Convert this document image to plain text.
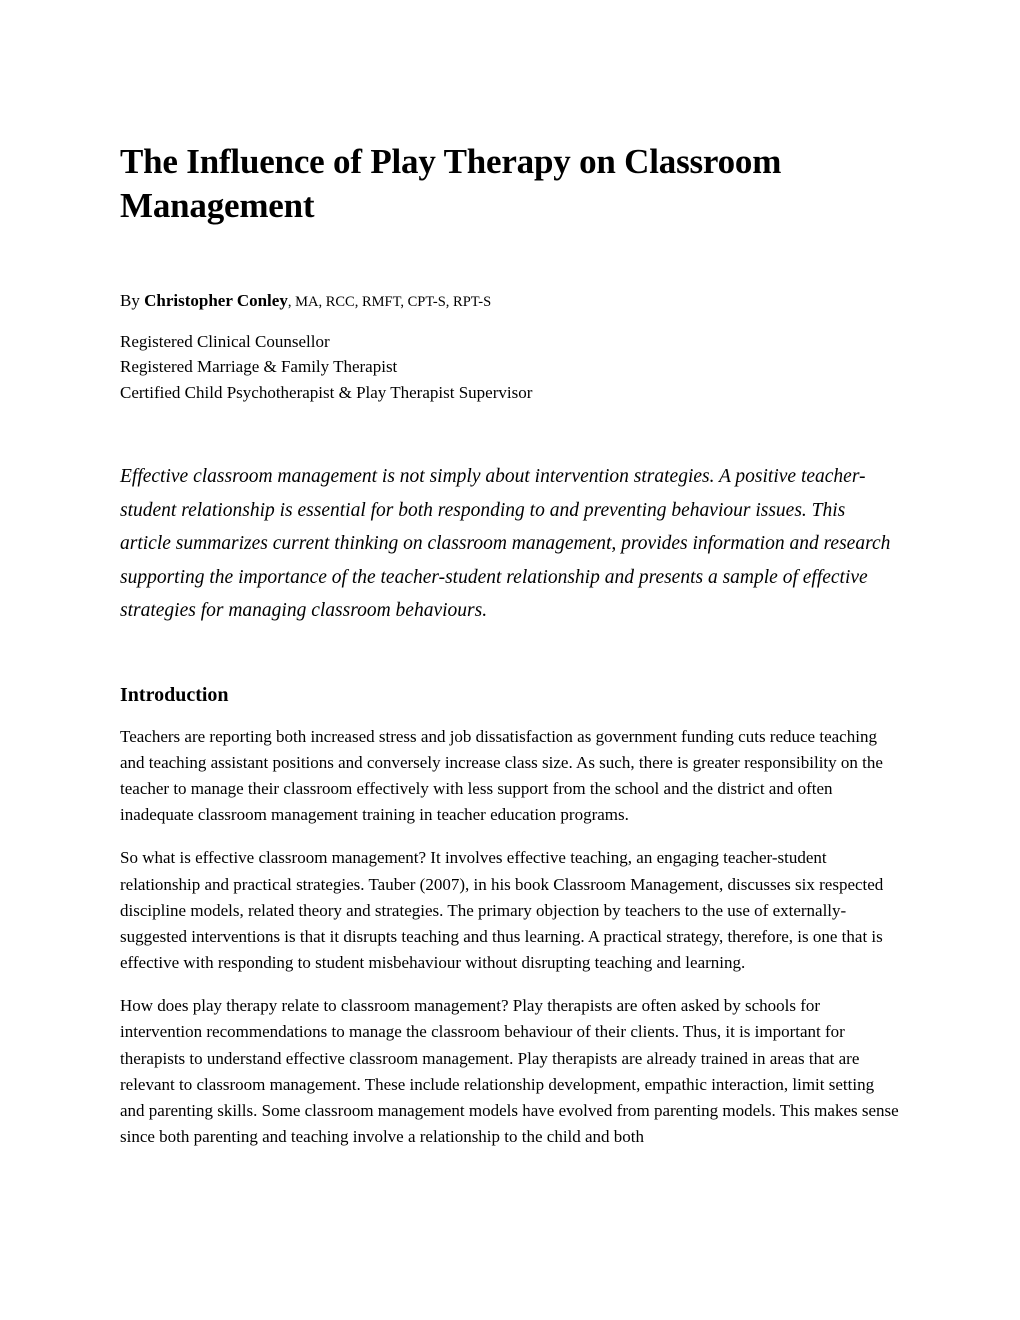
The Influence of Play Therapy on Classroom Management

By Christopher Conley, MA, RCC, RMFT, CPT-S, RPT-S

Registered Clinical Counsellor
Registered Marriage & Family Therapist
Certified Child Psychotherapist & Play Therapist Supervisor

Effective classroom management is not simply about intervention strategies. A positive teacher-student relationship is essential for both responding to and preventing behaviour issues. This article summarizes current thinking on classroom management, provides information and research supporting the importance of the teacher-student relationship and presents a sample of effective strategies for managing classroom behaviours.

Introduction

Teachers are reporting both increased stress and job dissatisfaction as government funding cuts reduce teaching and teaching assistant positions and conversely increase class size. As such, there is greater responsibility on the teacher to manage their classroom effectively with less support from the school and the district and often inadequate classroom management training in teacher education programs.

So what is effective classroom management? It involves effective teaching, an engaging teacher-student relationship and practical strategies. Tauber (2007), in his book Classroom Management, discusses six respected discipline models, related theory and strategies. The primary objection by teachers to the use of externally-suggested interventions is that it disrupts teaching and thus learning. A practical strategy, therefore, is one that is effective with responding to student misbehaviour without disrupting teaching and learning.

How does play therapy relate to classroom management? Play therapists are often asked by schools for intervention recommendations to manage the classroom behaviour of their clients. Thus, it is important for therapists to understand effective classroom management. Play therapists are already trained in areas that are relevant to classroom management. These include relationship development, empathic interaction, limit setting and parenting skills. Some classroom management models have evolved from parenting models. This makes sense since both parenting and teaching involve a relationship to the child and both
